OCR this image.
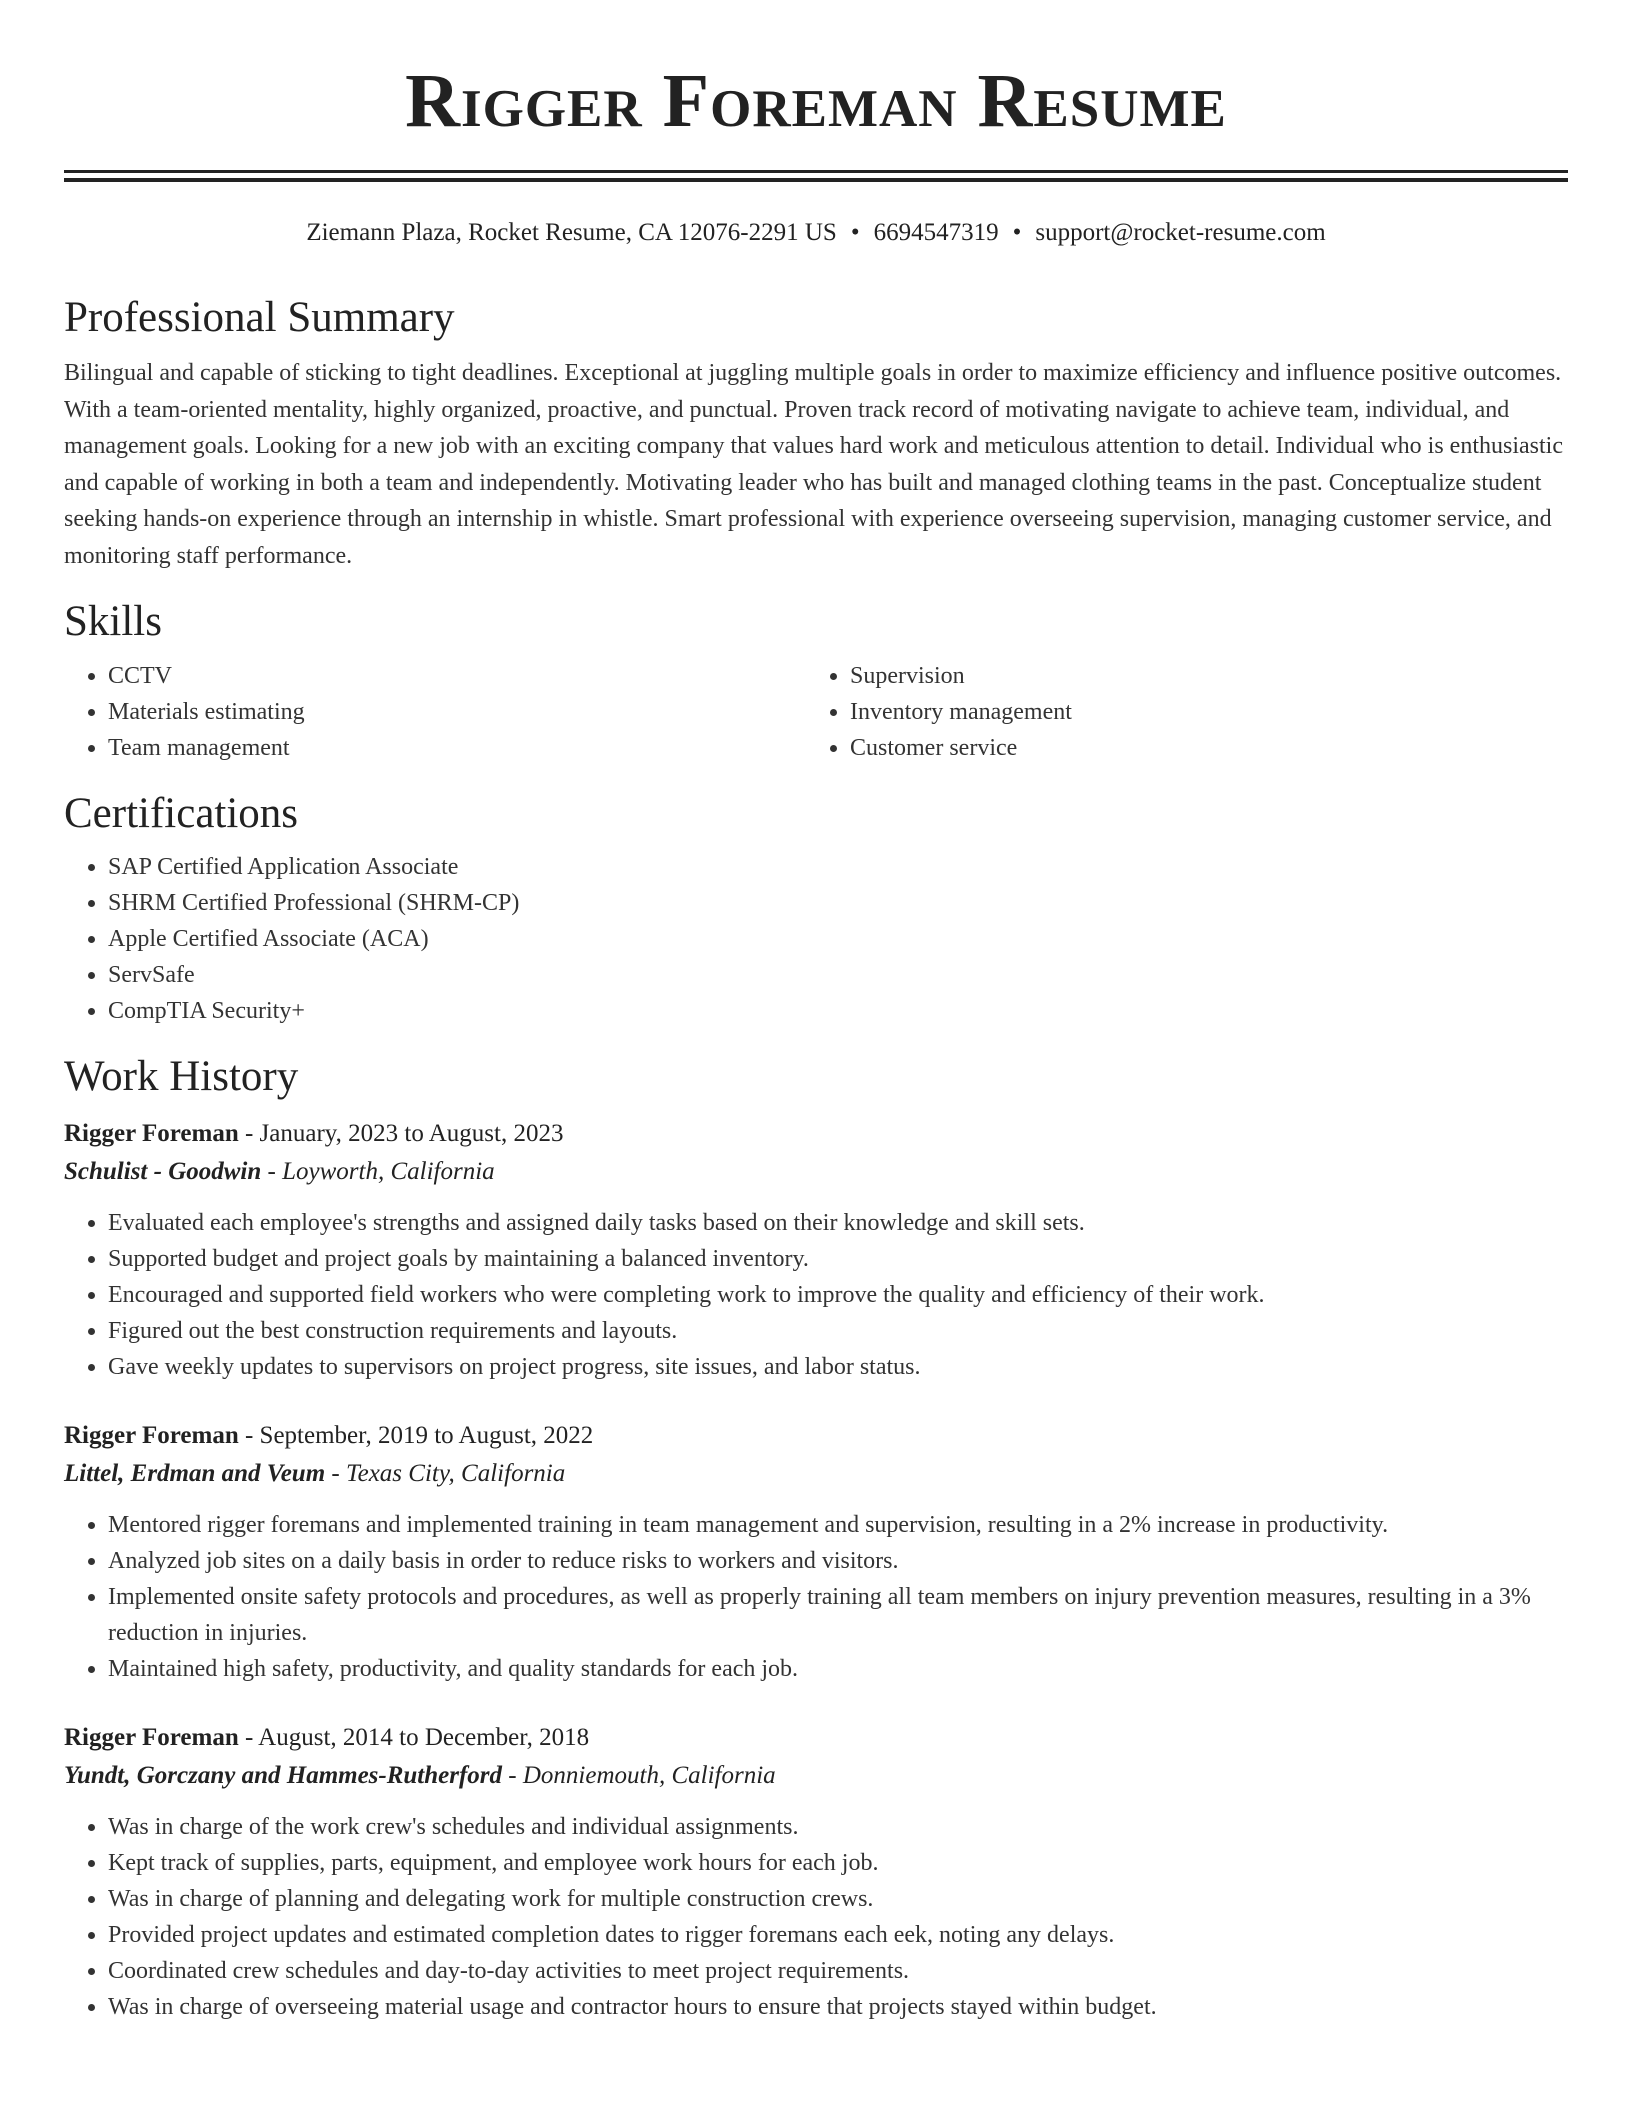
Rigger Foreman Resume
Ziemann Plaza, Rocket Resume, CA 12076-2291 US • 6694547319 • support@rocket-resume.com
Professional Summary
Bilingual and capable of sticking to tight deadlines. Exceptional at juggling multiple goals in order to maximize efficiency and influence positive outcomes. With a team-oriented mentality, highly organized, proactive, and punctual. Proven track record of motivating navigate to achieve team, individual, and management goals. Looking for a new job with an exciting company that values hard work and meticulous attention to detail. Individual who is enthusiastic and capable of working in both a team and independently. Motivating leader who has built and managed clothing teams in the past. Conceptualize student seeking hands-on experience through an internship in whistle. Smart professional with experience overseeing supervision, managing customer service, and monitoring staff performance.
Skills
• CCTV
• Materials estimating
• Team management
• Supervision
• Inventory management
• Customer service
Certifications
• SAP Certified Application Associate
• SHRM Certified Professional (SHRM-CP)
• Apple Certified Associate (ACA)
• ServSafe
• CompTIA Security+
Work History
Rigger Foreman - January, 2023 to August, 2023
Schulist - Goodwin - Loyworth, California
• Evaluated each employee's strengths and assigned daily tasks based on their knowledge and skill sets.
• Supported budget and project goals by maintaining a balanced inventory.
• Encouraged and supported field workers who were completing work to improve the quality and efficiency of their work.
• Figured out the best construction requirements and layouts.
• Gave weekly updates to supervisors on project progress, site issues, and labor status.
Rigger Foreman - September, 2019 to August, 2022
Littel, Erdman and Veum - Texas City, California
• Mentored rigger foremans and implemented training in team management and supervision, resulting in a 2% increase in productivity.
• Analyzed job sites on a daily basis in order to reduce risks to workers and visitors.
• Implemented onsite safety protocols and procedures, as well as properly training all team members on injury prevention measures, resulting in a 3% reduction in injuries.
• Maintained high safety, productivity, and quality standards for each job.
Rigger Foreman - August, 2014 to December, 2018
Yundt, Gorczany and Hammes-Rutherford - Donniemouth, California
• Was in charge of the work crew's schedules and individual assignments.
• Kept track of supplies, parts, equipment, and employee work hours for each job.
• Was in charge of planning and delegating work for multiple construction crews.
• Provided project updates and estimated completion dates to rigger foremans each eek, noting any delays.
• Coordinated crew schedules and day-to-day activities to meet project requirements.
• Was in charge of overseeing material usage and contractor hours to ensure that projects stayed within budget.
